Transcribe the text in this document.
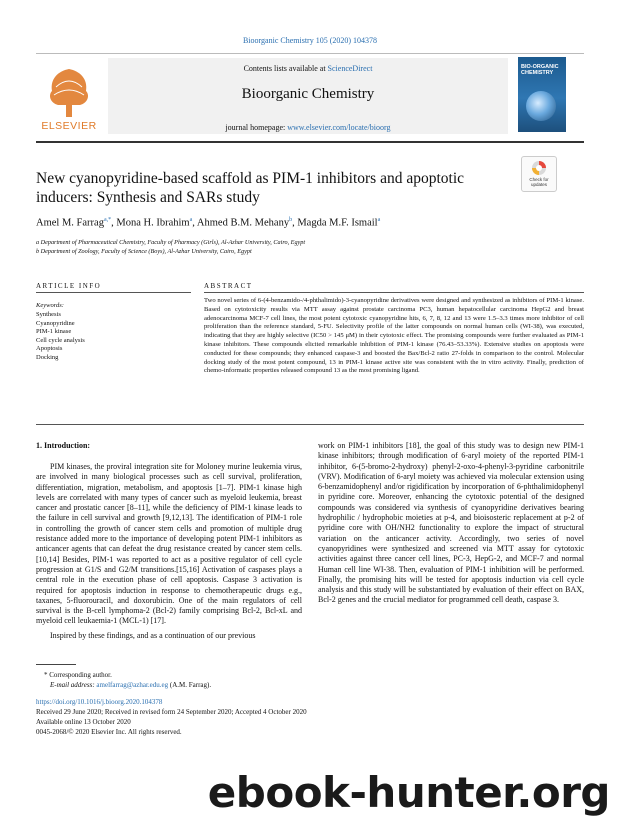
Bioorganic Chemistry 105 (2020) 104378
ELSEVIER
Contents lists available at ScienceDirect
Bioorganic Chemistry
journal homepage: www.elsevier.com/locate/bioorg
BIO-ORGANIC CHEMISTRY
Check for updates
New cyanopyridine-based scaffold as PIM-1 inhibitors and apoptotic inducers: Synthesis and SARs study
Amel M. Farrag$^{a,*}$, Mona H. Ibrahim$^a$, Ahmed B.M. Mehany$^b$, Magda M.F. Ismail$^a$
a Department of Pharmaceutical Chemistry, Faculty of Pharmacy (Girls), Al-Azhar University, Cairo, Egypt
b Department of Zoology, Faculty of Science (Boys), Al-Azhar University, Cairo, Egypt
ARTICLE INFO	ABSTRACT
Keywords:
Synthesis
Cyanopyridine
PIM-1 kinase
Cell cycle analysis
Apoptosis
Docking
Two novel series of 6-(4-benzamido-/4-phthalimido)-3-cyanopyridine derivatives were designed and synthesized as inhibitors of PIM-1 kinase. Based on cytotoxicity results via MTT assay against prostate carcinoma PC3, human hepatocellular carcinoma HepG2 and breast adenocarcinoma MCF-7 cell lines, the most potent cytotoxic cyanopyridine hits, 6, 7, 8, 12 and 13 were 1.5–3.3 times more inhibitor of cell proliferation than the reference standard, 5-FU. Selectivity profile of the latter compounds on normal human cells (WI-38), was executed, indicating that they are highly selective (IC50 > 145 μM) in their cytotoxic effect. The promising compounds were further evaluated as PIM-1 kinase inhibitors. These compounds elicited remarkable inhibition of PIM-1 kinase (76.43–53.33%). Extensive studies on apoptosis were conducted for these compounds; they enhanced caspase-3 and boosted the Bax/Bcl-2 ratio 27-folds in comparison to the control. Molecular docking study of the most potent compound, 13 in PIM-1 kinase active site was consistent with the in vitro activity. Finally, prediction of chemo-informatic properties released compound 13 as the most promising ligand.
1. Introduction:
PIM kinases, the proviral integration site for Moloney murine leukemia virus, are involved in many biological processes such as cell survival, proliferation, differentiation, migration, metabolism, and apoptosis [1–7]. PIM-1 kinase high levels are correlated with many types of cancer such as myeloid leukemia, breast cancer and prostatic cancer [8–11], while the deficiency of PIM-1 kinase leads to the failure in cell survival and growth [9,12,13]. The identification of PIM-1 role in controlling the growth of cancer stem cells and promotion of multiple drug resistance added more to the importance of developing potent PIM-1 inhibitors as anticancer agents that can defeat the drug resistance created by cancer stem cells.[10,14] Besides, PIM-1 was reported to act as a positive regulator of cell cycle progression at G1/S and G2/M transitions.[15,16] Activation of caspases plays a central role in the execution phase of cell apoptosis. Caspase 3 activation is required for apoptosis induction in response to chemotherapeutic drugs e.g., taxanes, 5-fluorouracil, and doxorubicin. One of the main regulators of cell survival is the B-cell lymphoma-2 (Bcl-2) family comprising Bcl-2, Bcl-xL and myeloid cell leukaemia-1 (MCL-1) [17].
Inspired by these findings, and as a continuation of our previous
work on PIM-1 inhibitors [18], the goal of this study was to design new PIM-1 kinase inhibitors; through modification of 6-aryl moiety of the reported PIM-1 inhibitor, 6-(5-bromo-2-hydroxy) phenyl-2-oxo-4-phenyl-3-pyridine carbonitrile (VRV). Modification of 6-aryl moiety was achieved via molecular extension using 6-benzamidophenyl and/or rigidification by incorporation of 6-phthalimidophenyl in pyridine core. Moreover, enhancing the cytotoxic potential of the designed compounds was considered via synthesis of cyanopyridine derivatives bearing hydrophilic / hydrophobic moieties at p-4, and bioisosteric replacement at p-2 of pyridine core with OH/NH2 functionality to explore the impact of structural variation on the anticancer activity. Accordingly, two series of novel cyanopyridines were synthesized and screened via MTT assay for cytotoxic activities against three cancer cell lines, PC-3, HepG-2, and MCF-7 and normal Human cell line WI-38. Then, evaluation of PIM-1 inhibition will be performed. Finally, the promising hits will be tested for apoptosis induction via cell cycle analysis and this study will be substantiated by evaluation of their effect on BAX, Bcl-2 genes and the crucial mediator for programmed cell death, caspase 3.
* Corresponding author.
E-mail address: amelfarrag@azhar.edu.eg (A.M. Farrag).
https://doi.org/10.1016/j.bioorg.2020.104378
Received 29 June 2020; Received in revised form 24 September 2020; Accepted 4 October 2020
Available online 13 October 2020
0045-2068/© 2020 Elsevier Inc. All rights reserved.
ebook-hunter.org
